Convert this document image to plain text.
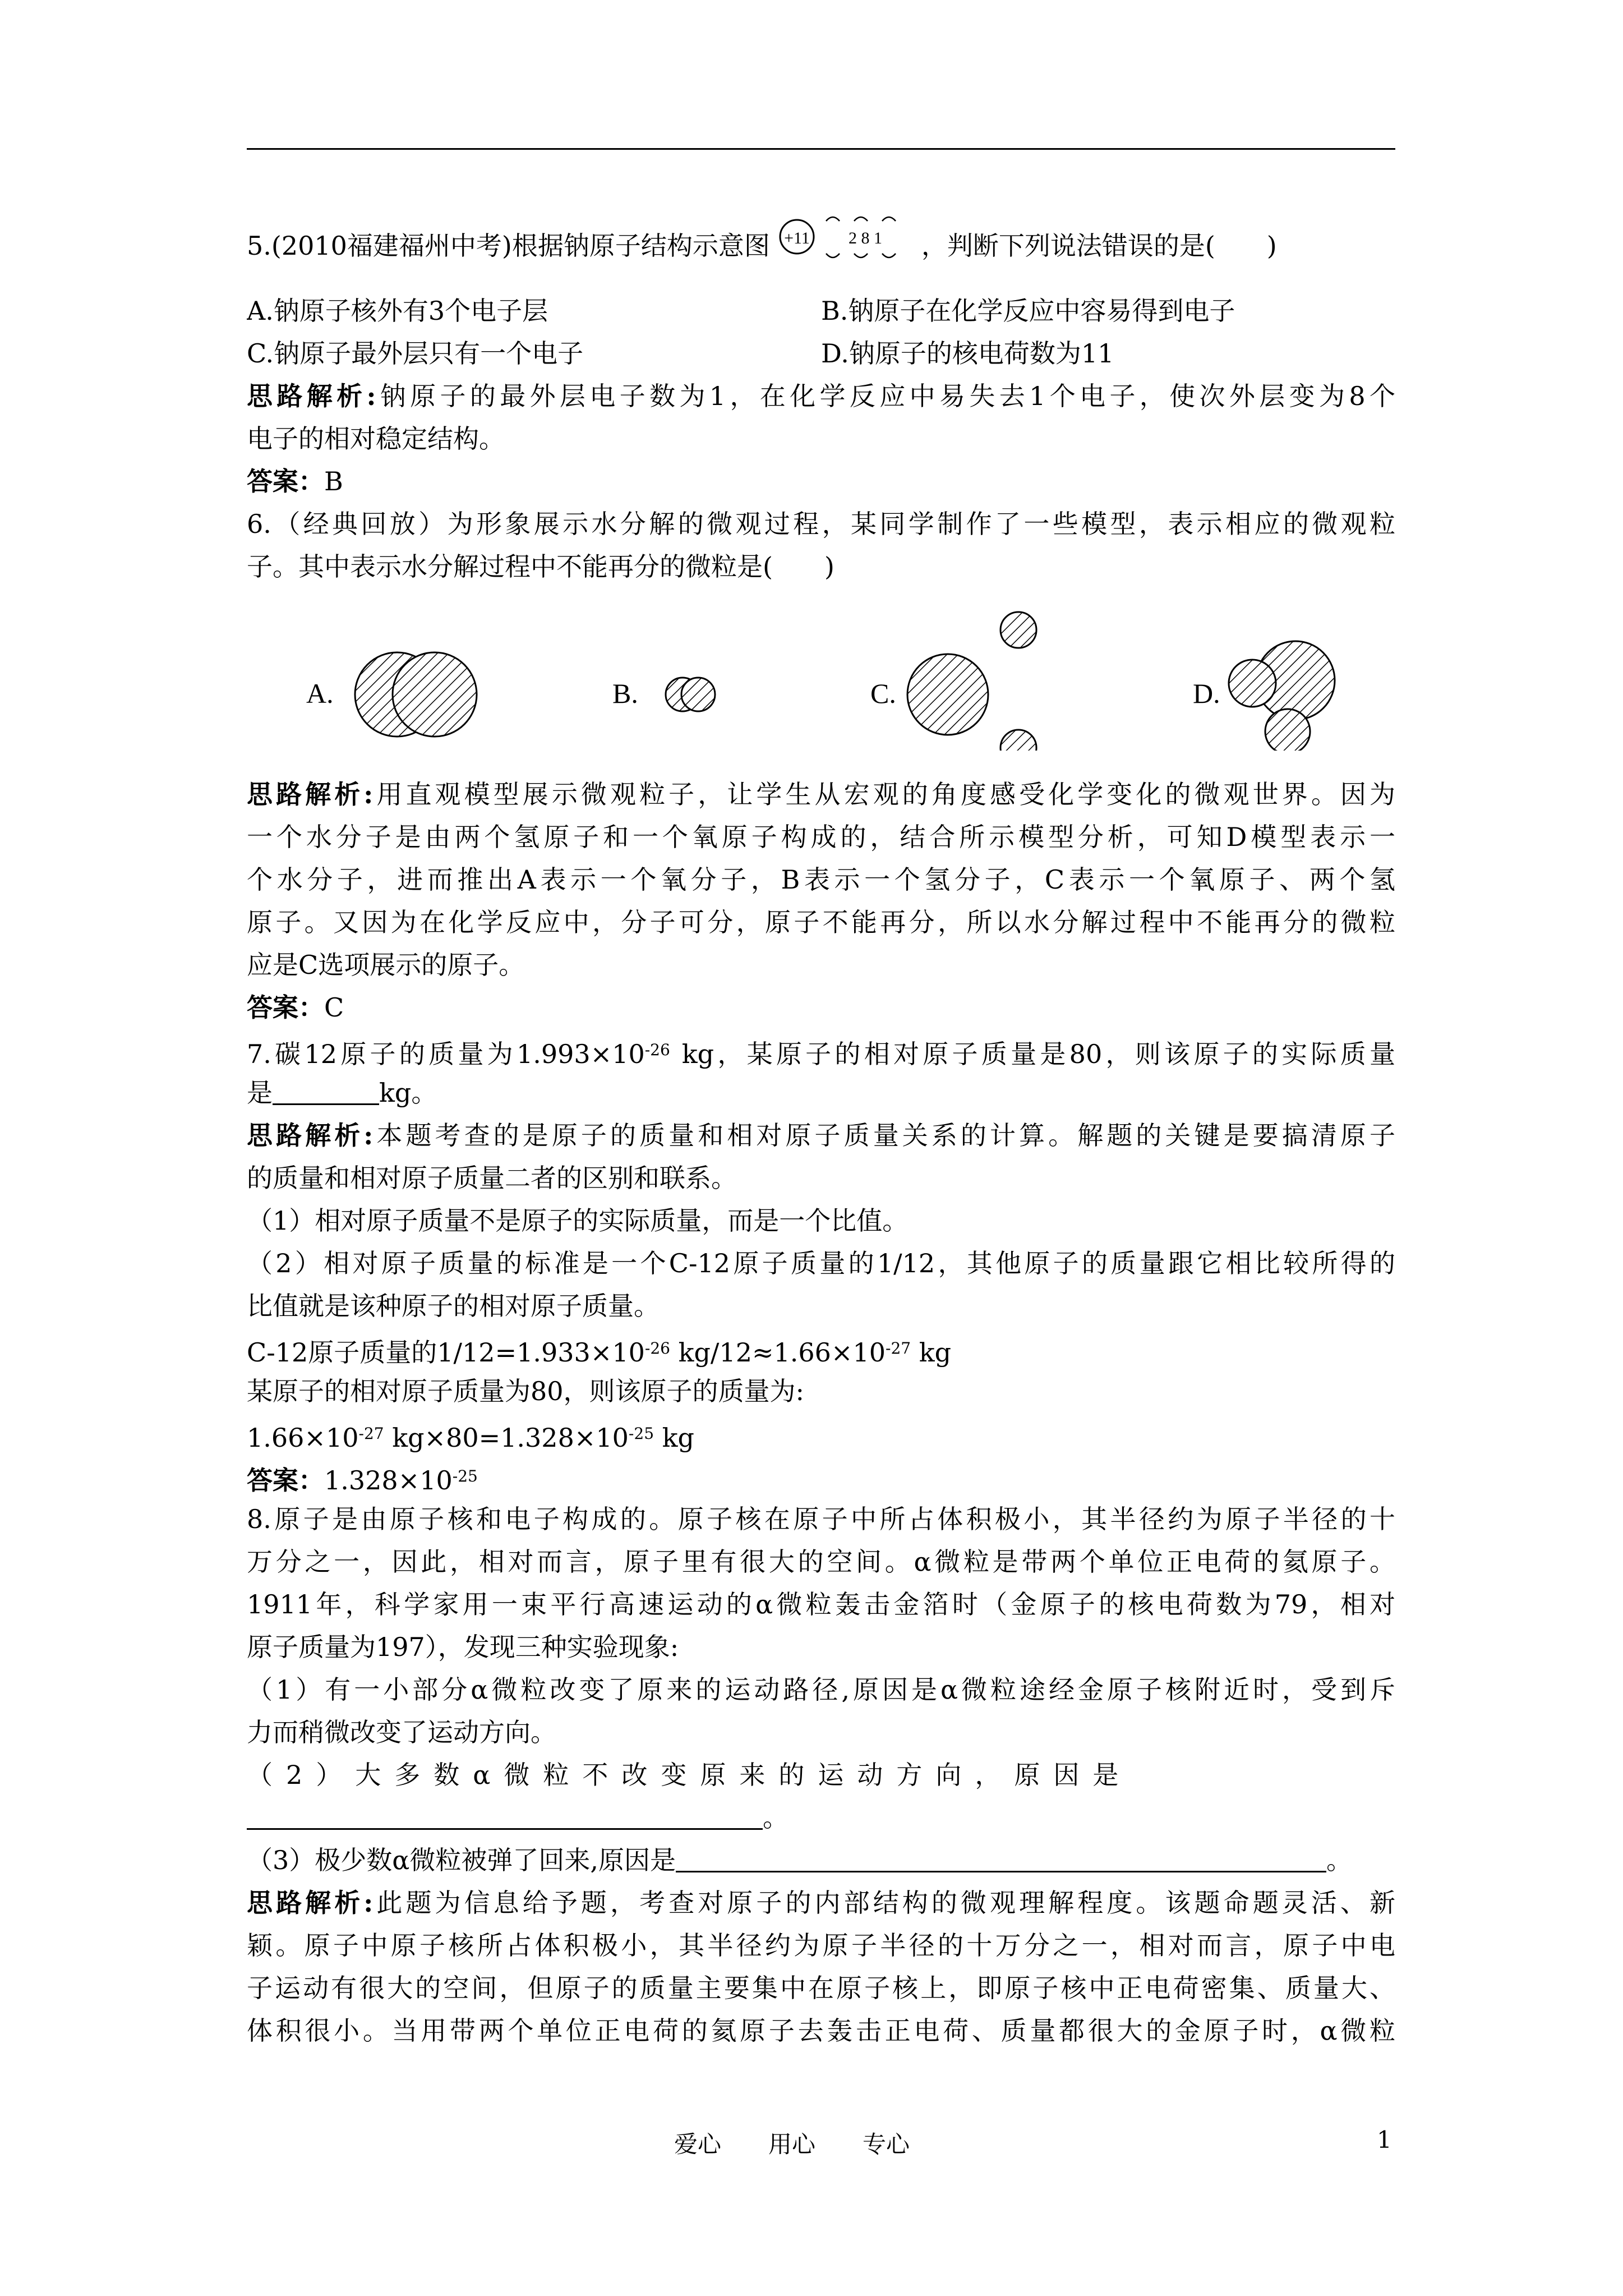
5.(2010福建福州中考)根据钠原子结构示意图 +11 2 8 1 ，判断下列说法错误的是(　　)
A.钠原子核外有3个电子层	B.钠原子在化学反应中容易得到电子
C.钠原子最外层只有一个电子	D.钠原子的核电荷数为11
思路解析:钠原子的最外层电子数为1，在化学反应中易失去1个电子，使次外层变为8个
电子的相对稳定结构。
答案：B
6.（经典回放）为形象展示水分解的微观过程，某同学制作了一些模型，表示相应的微观粒
子。其中表示水分解过程中不能再分的微粒是(　　)
A.	B.	C.	D.
思路解析:用直观模型展示微观粒子，让学生从宏观的角度感受化学变化的微观世界。因为
一个水分子是由两个氢原子和一个氧原子构成的，结合所示模型分析，可知D模型表示一
个水分子，进而推出A表示一个氧分子，B表示一个氢分子，C表示一个氧原子、两个氢
原子。又因为在化学反应中，分子可分，原子不能再分，所以水分解过程中不能再分的微粒
应是C选项展示的原子。
答案：C
7.碳12原子的质量为$1.993\times 10^{-26}$ kg，某原子的相对原子质量是80，则该原子的实际质量
是	kg。
思路解析:本题考查的是原子的质量和相对原子质量关系的计算。解题的关键是要搞清原子
的质量和相对原子质量二者的区别和联系。
（1）相对原子质量不是原子的实际质量，而是一个比值。
（2）相对原子质量的标准是一个C-12原子质量的1/12，其他原子的质量跟它相比较所得的
比值就是该种原子的相对原子质量。
C-12原子质量的$1/12=1.933\times 10^{-26}$ $kg/12\approx 1.66\times 10^{-27}$ kg
某原子的相对原子质量为80，则该原子的质量为:
$1.66\times 10^{-27}$ $kg\times 80=1.328\times 10^{-25}$ kg
答案：$1.328\times 10^{-25}$
8.原子是由原子核和电子构成的。原子核在原子中所占体积极小，其半径约为原子半径的十
万分之一，因此，相对而言，原子里有很大的空间。α微粒是带两个单位正电荷的氦原子。
1911年，科学家用一束平行高速运动的α微粒轰击金箔时（金原子的核电荷数为79，相对
原子质量为197），发现三种实验现象:
（1）有一小部分α微粒改变了原来的运动路径,原因是α微粒途经金原子核附近时，受到斥
力而稍微改变了运动方向。
（2）大多数α微粒不改变原来的运动方向，原因是
。
（3）极少数α微粒被弹了回来,原因是	。
思路解析:此题为信息给予题，考查对原子的内部结构的微观理解程度。该题命题灵活、新
颖。原子中原子核所占体积极小，其半径约为原子半径的十万分之一，相对而言，原子中电
子运动有很大的空间，但原子的质量主要集中在原子核上，即原子核中正电荷密集、质量大、
体积很小。当用带两个单位正电荷的氦原子去轰击正电荷、质量都很大的金原子时，α微粒
爱心　　用心　　专心	1
